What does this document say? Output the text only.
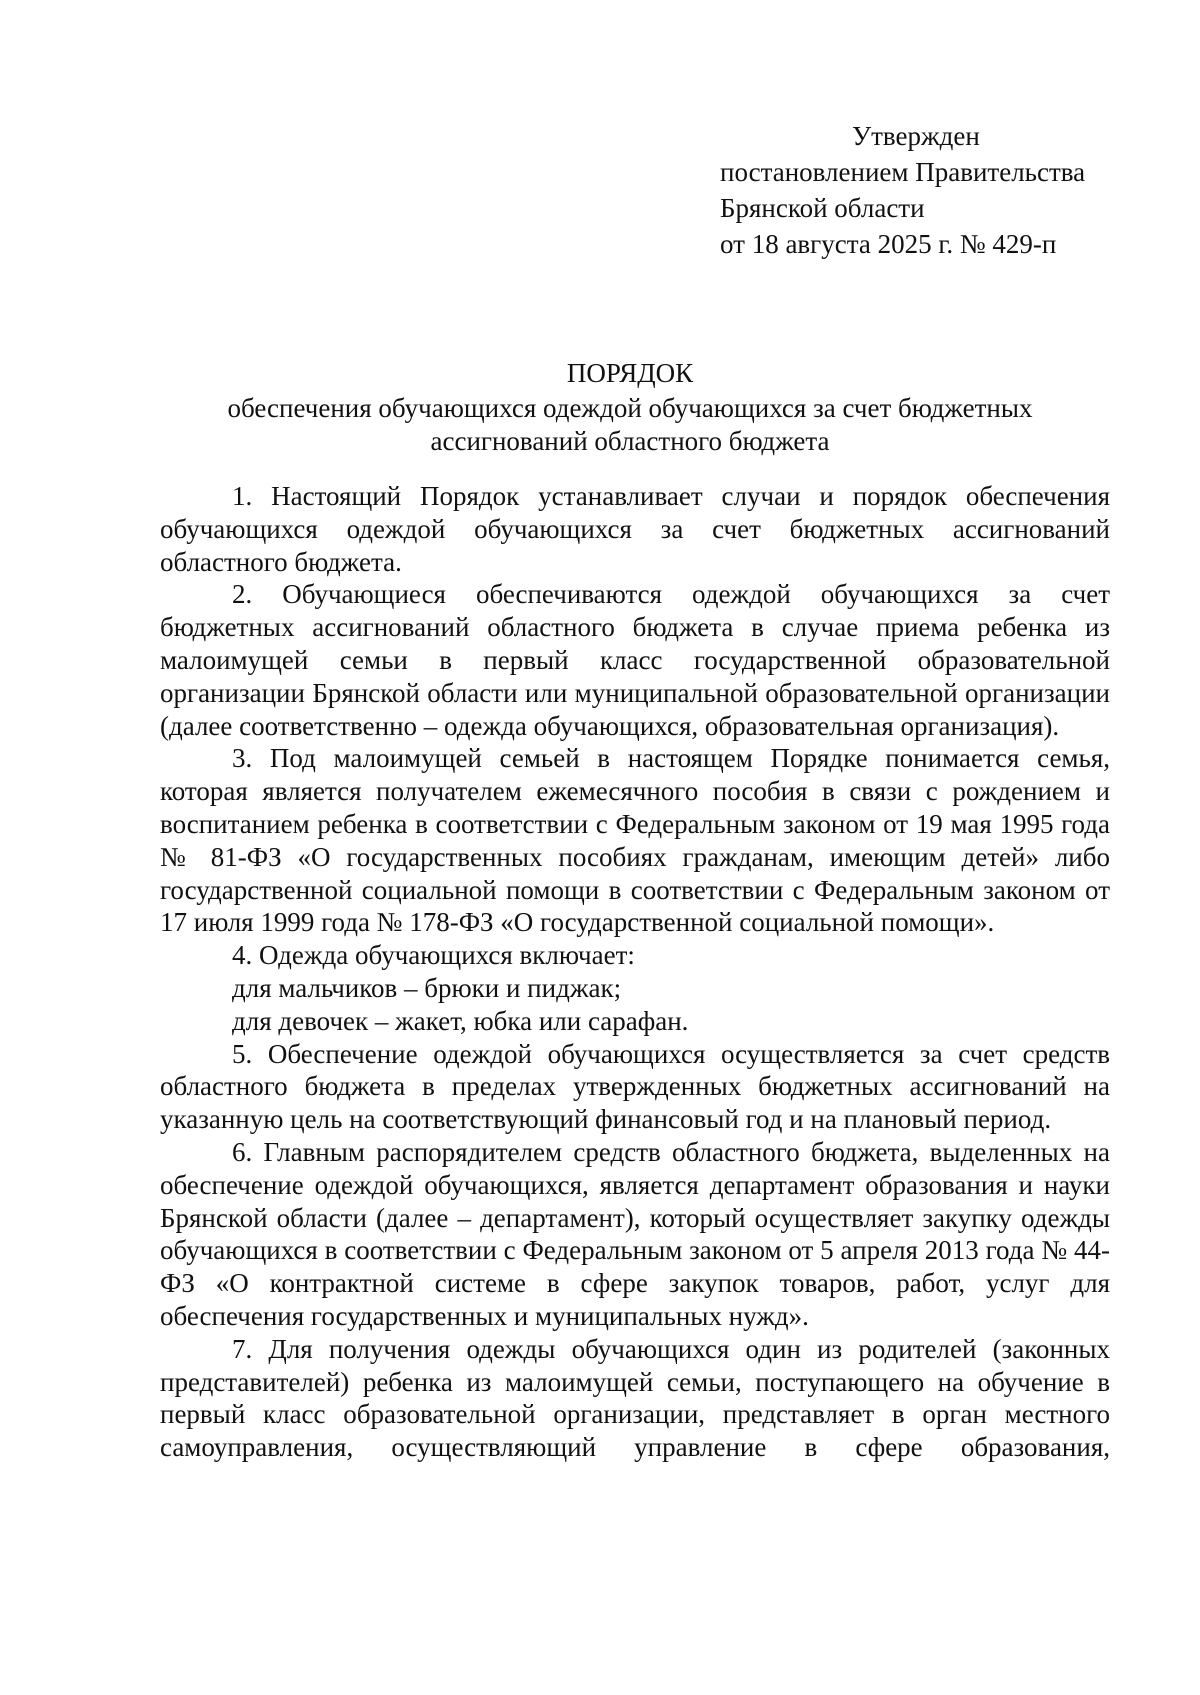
Утвержден
постановлением Правительства
Брянской области
от 18 августа 2025 г. № 429-п
ПОРЯДОК
обеспечения обучающихся одеждой обучающихся за счет бюджетных
ассигнований областного бюджета

1. Настоящий Порядок устанавливает случаи и порядок обеспечения обучающихся одеждой обучающихся за счет бюджетных ассигнований областного бюджета.

2. Обучающиеся обеспечиваются одеждой обучающихся за счет бюджетных ассигнований областного бюджета в случае приема ребенка из малоимущей семьи в первый класс государственной образовательной организации Брянской области или муниципальной образовательной организации (далее соответственно – одежда обучающихся, образовательная организация).

3. Под малоимущей семьей в настоящем Порядке понимается семья, которая является получателем ежемесячного пособия в связи с рождением и воспитанием ребенка в соответствии с Федеральным законом от 19 мая 1995 года № 81-ФЗ «О государственных пособиях гражданам, имеющим детей» либо государственной социальной помощи в соответствии с Федеральным законом от 17 июля 1999 года № 178-ФЗ «О государственной социальной помощи».

4. Одежда обучающихся включает:

для мальчиков – брюки и пиджак;

для девочек – жакет, юбка или сарафан.

5. Обеспечение одеждой обучающихся осуществляется за счет средств областного бюджета в пределах утвержденных бюджетных ассигнований на указанную цель на соответствующий финансовый год и на плановый период.

6. Главным распорядителем средств областного бюджета, выделенных на обеспечение одеждой обучающихся, является департамент образования и науки Брянской области (далее – департамент), который осуществляет закупку одежды обучающихся в соответствии с Федеральным законом от 5 апреля 2013 года № 44-ФЗ «О контрактной системе в сфере закупок товаров, работ, услуг для обеспечения государственных и муниципальных нужд».

7. Для получения одежды обучающихся один из родителей (законных представителей) ребенка из малоимущей семьи, поступающего на обучение в первый класс образовательной организации, представляет в орган местного самоуправления, осуществляющий управление в сфере образования,
